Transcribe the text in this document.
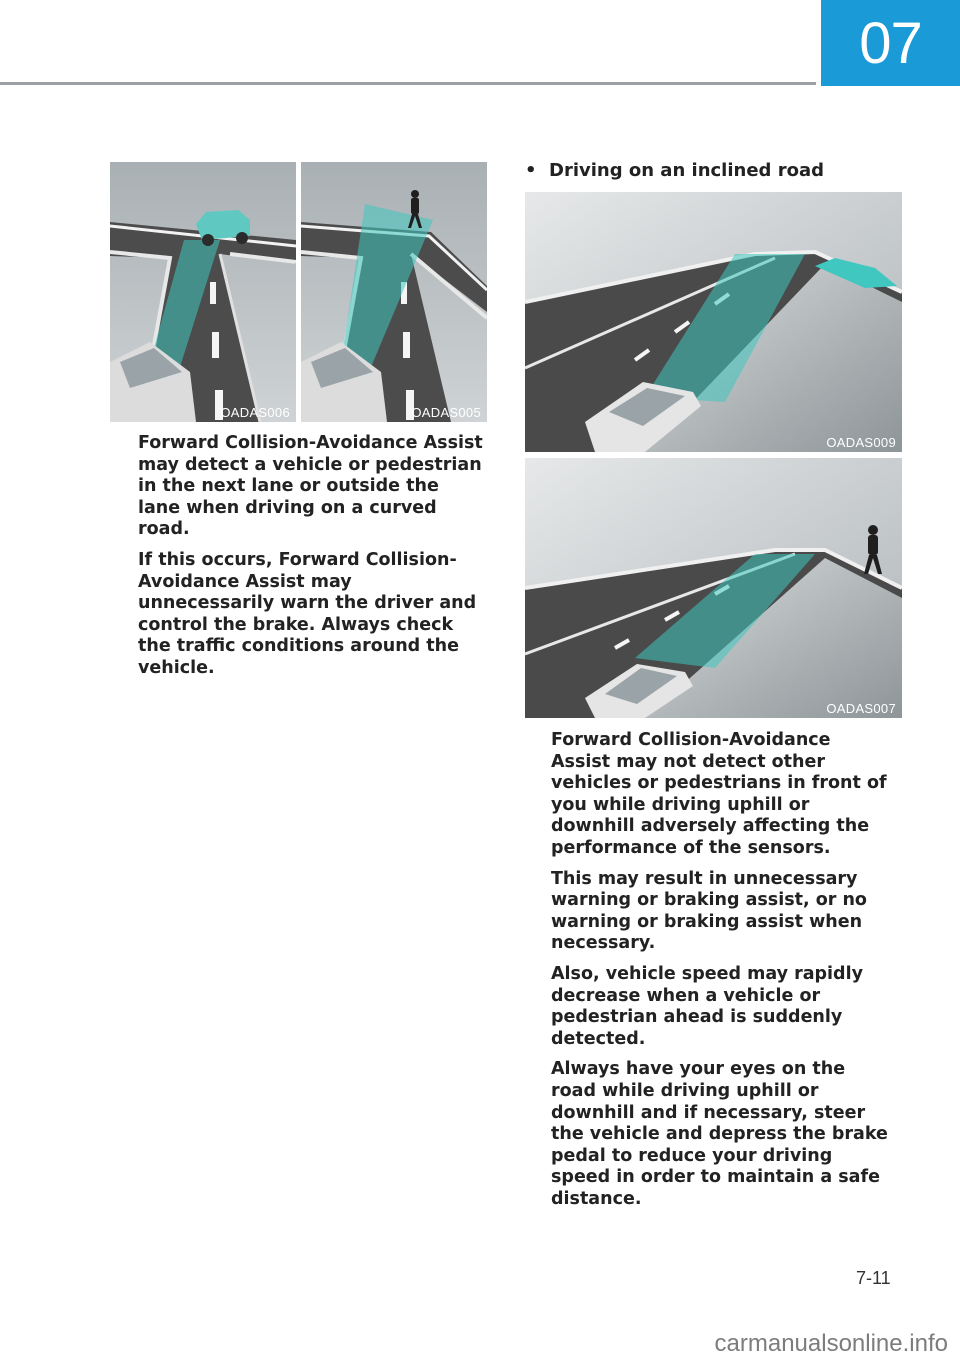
07
OADAS006	OADAS005

Forward Collision-Avoidance Assist may detect a vehicle or pedestrian in the next lane or outside the lane when driving on a curved road.

If this occurs, Forward Collision-Avoidance Assist may unnecessarily warn the driver and control the brake. Always check the traffic conditions around the vehicle.

• Driving on an inclined road
OADAS009
OADAS007

Forward Collision-Avoidance Assist may not detect other vehicles or pedestrians in front of you while driving uphill or downhill adversely affecting the performance of the sensors.

This may result in unnecessary warning or braking assist, or no warning or braking assist when necessary.

Also, vehicle speed may rapidly decrease when a vehicle or pedestrian ahead is suddenly detected.

Always have your eyes on the road while driving uphill or downhill and if necessary, steer the vehicle and depress the brake pedal to reduce your driving speed in order to maintain a safe distance.

7-11
carmanualsonline.info
